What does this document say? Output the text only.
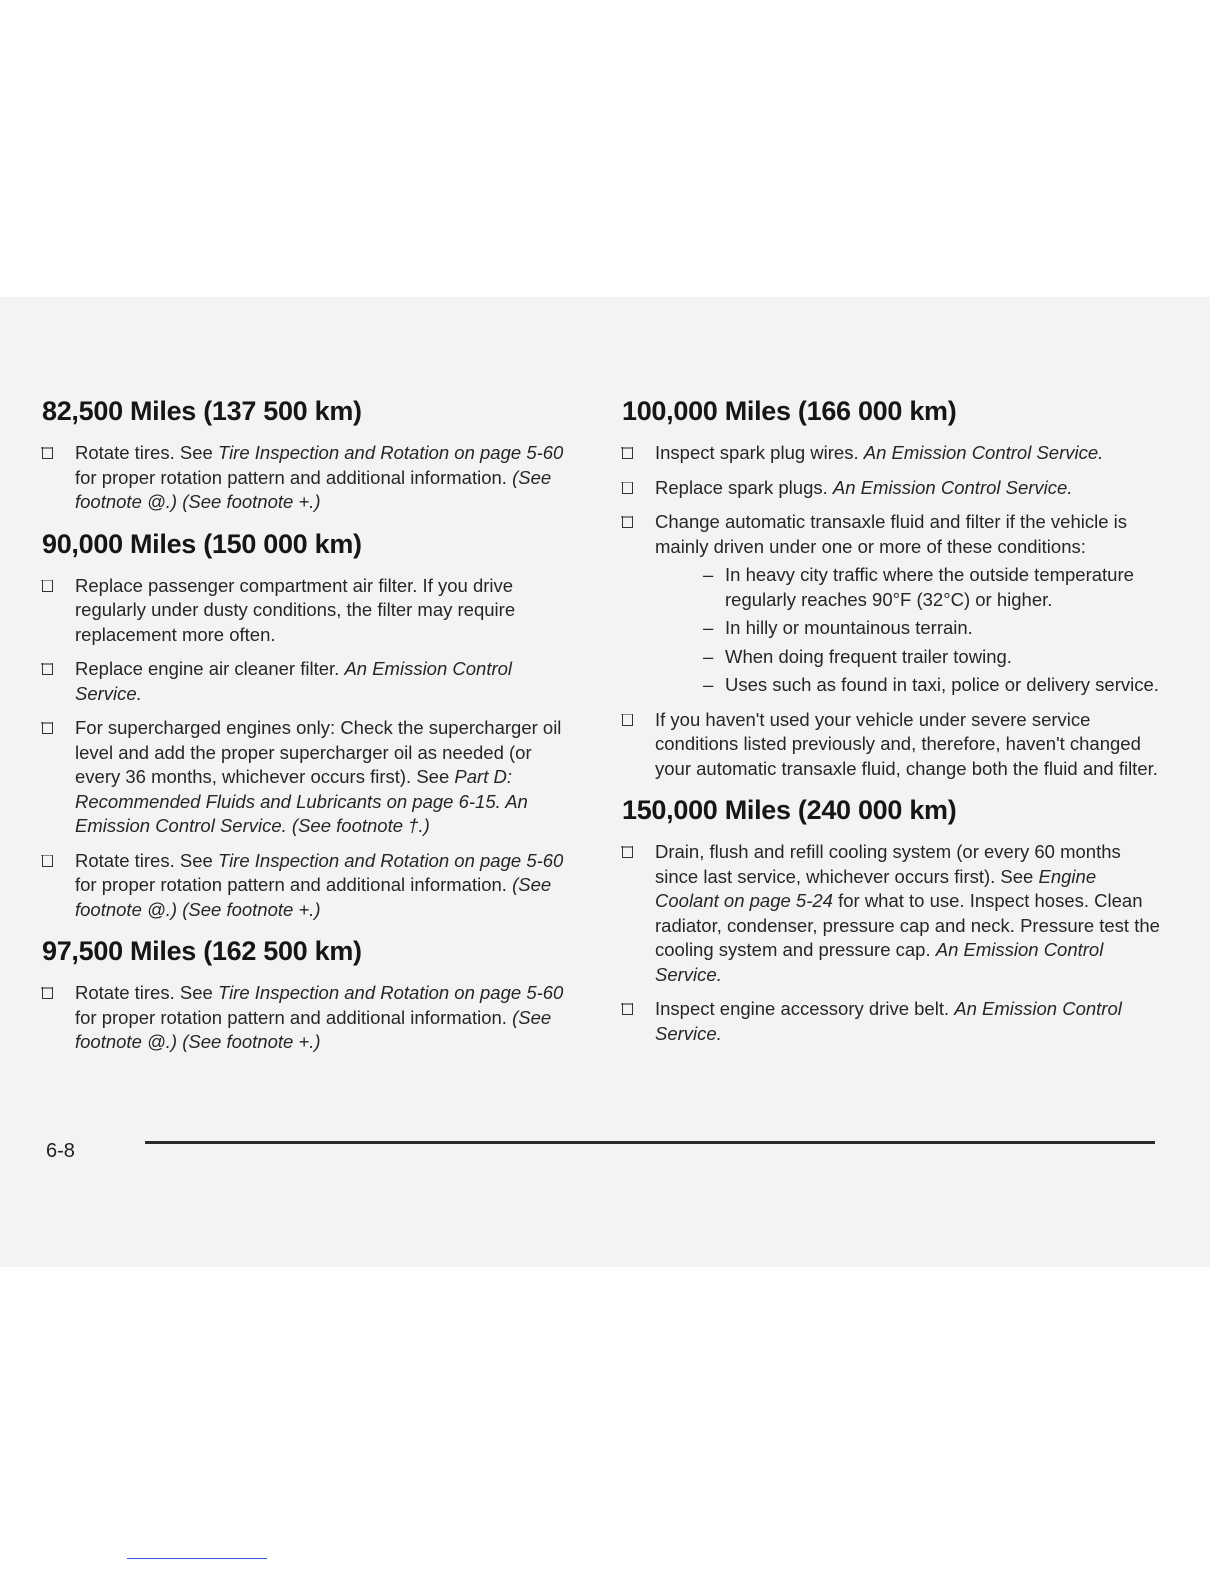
82,500 Miles (137 500 km)
Rotate tires. See Tire Inspection and Rotation on page 5-60 for proper rotation pattern and additional information. (See footnote @.) (See footnote +.)
90,000 Miles (150 000 km)
Replace passenger compartment air filter. If you drive regularly under dusty conditions, the filter may require replacement more often.
Replace engine air cleaner filter. An Emission Control Service.
For supercharged engines only: Check the supercharger oil level and add the proper supercharger oil as needed (or every 36 months, whichever occurs first). See Part D: Recommended Fluids and Lubricants on page 6-15. An Emission Control Service. (See footnote †.)
Rotate tires. See Tire Inspection and Rotation on page 5-60 for proper rotation pattern and additional information. (See footnote @.) (See footnote +.)
97,500 Miles (162 500 km)
Rotate tires. See Tire Inspection and Rotation on page 5-60 for proper rotation pattern and additional information. (See footnote @.) (See footnote +.)
100,000 Miles (166 000 km)
Inspect spark plug wires. An Emission Control Service.
Replace spark plugs. An Emission Control Service.
Change automatic transaxle fluid and filter if the vehicle is mainly driven under one or more of these conditions:
– In heavy city traffic where the outside temperature regularly reaches 90°F (32°C) or higher.
– In hilly or mountainous terrain.
– When doing frequent trailer towing.
– Uses such as found in taxi, police or delivery service.
If you haven't used your vehicle under severe service conditions listed previously and, therefore, haven't changed your automatic transaxle fluid, change both the fluid and filter.
150,000 Miles (240 000 km)
Drain, flush and refill cooling system (or every 60 months since last service, whichever occurs first). See Engine Coolant on page 5-24 for what to use. Inspect hoses. Clean radiator, condenser, pressure cap and neck. Pressure test the cooling system and pressure cap. An Emission Control Service.
Inspect engine accessory drive belt. An Emission Control Service.
6-8
